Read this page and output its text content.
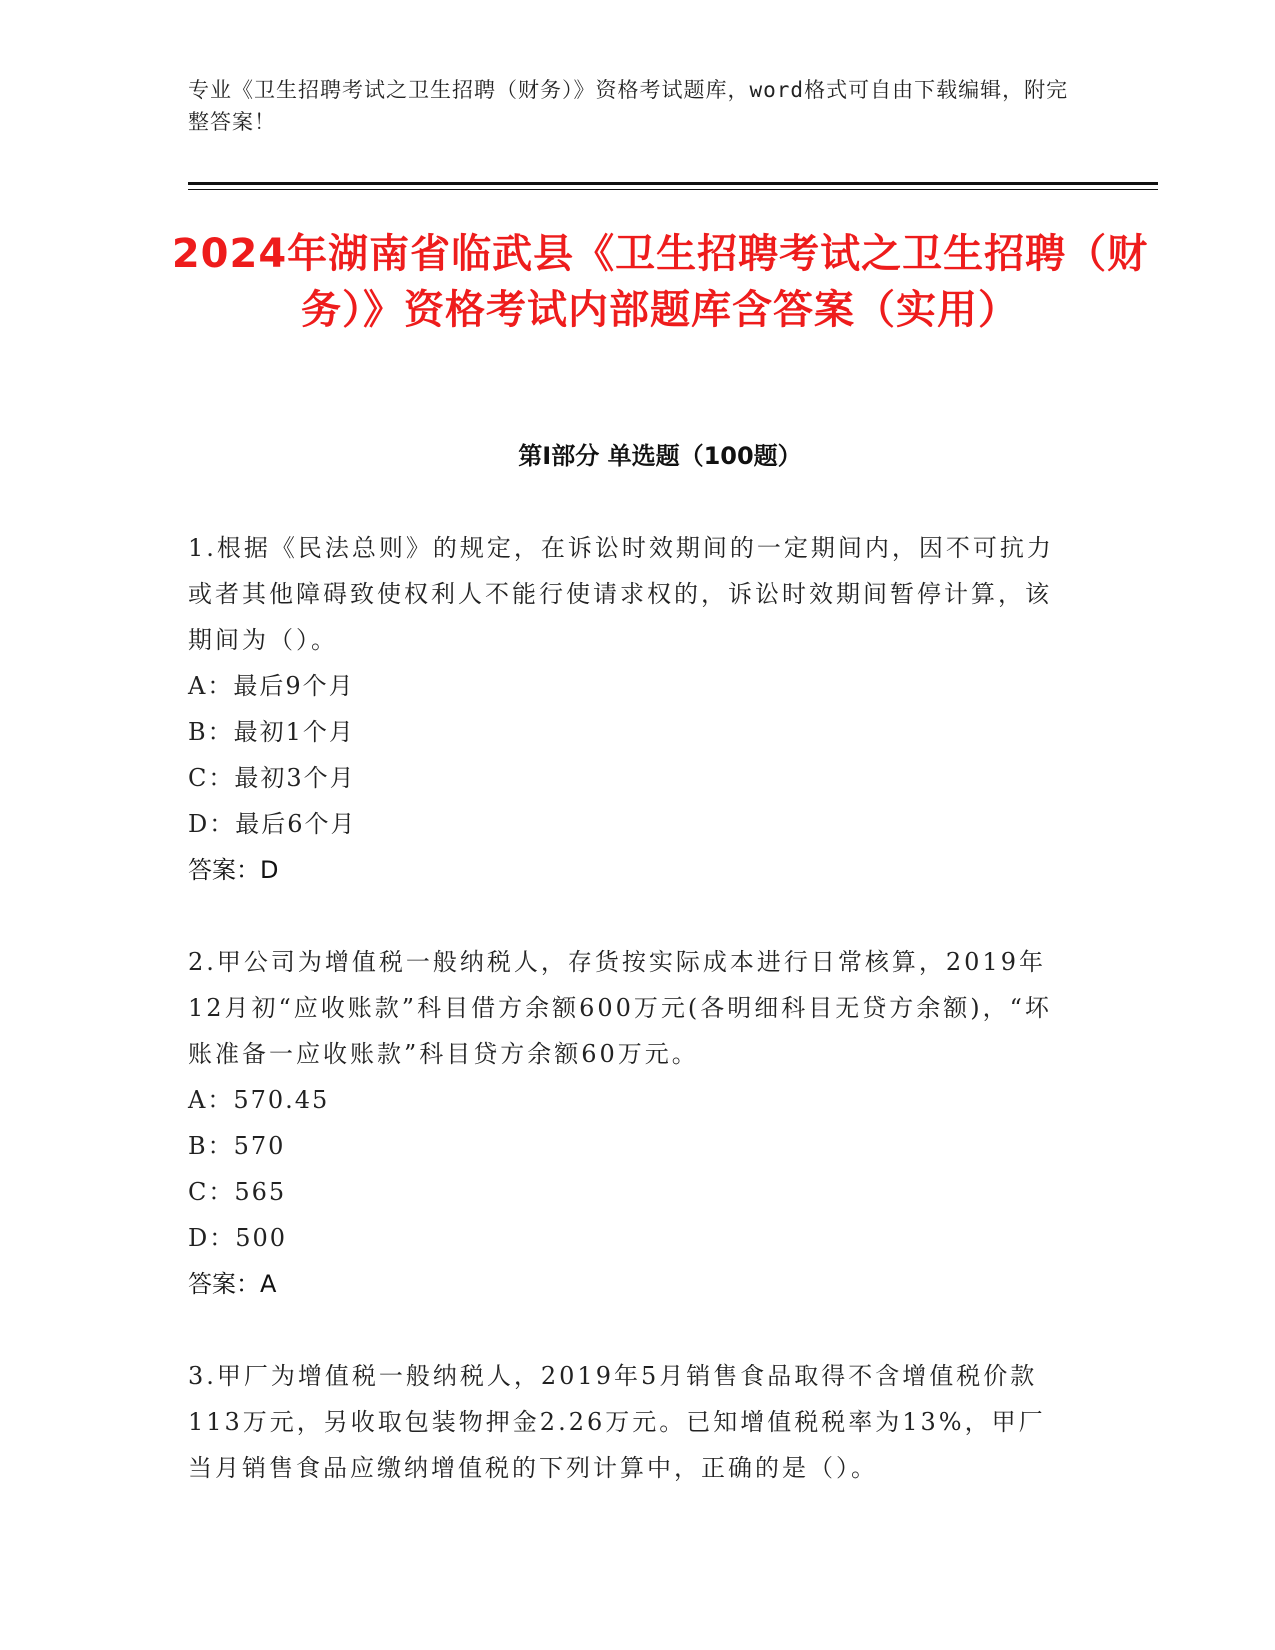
专业《卫生招聘考试之卫生招聘（财务）》资格考试题库，word格式可自由下载编辑，附完整答案！
2024年湖南省临武县《卫生招聘考试之卫生招聘（财务）》资格考试内部题库含答案（实用）
第I部分 单选题（100题）

1.根据《民法总则》的规定，在诉讼时效期间的一定期间内，因不可抗力或者其他障碍致使权利人不能行使请求权的，诉讼时效期间暂停计算，该期间为（）。

A：最后9个月

B：最初1个月

C：最初3个月

D：最后6个月

答案：D

2.甲公司为增值税一般纳税人，存货按实际成本进行日常核算，2019年12月初“应收账款”科目借方余额600万元(各明细科目无贷方余额)，“坏账准备一应收账款”科目贷方余额60万元。

A：570.45

B：570

C：565

D：500

答案：A

3.甲厂为增值税一般纳税人，2019年5月销售食品取得不含增值税价款113万元，另收取包装物押金2.26万元。已知增值税税率为13%，甲厂当月销售食品应缴纳增值税的下列计算中，正确的是（）。
